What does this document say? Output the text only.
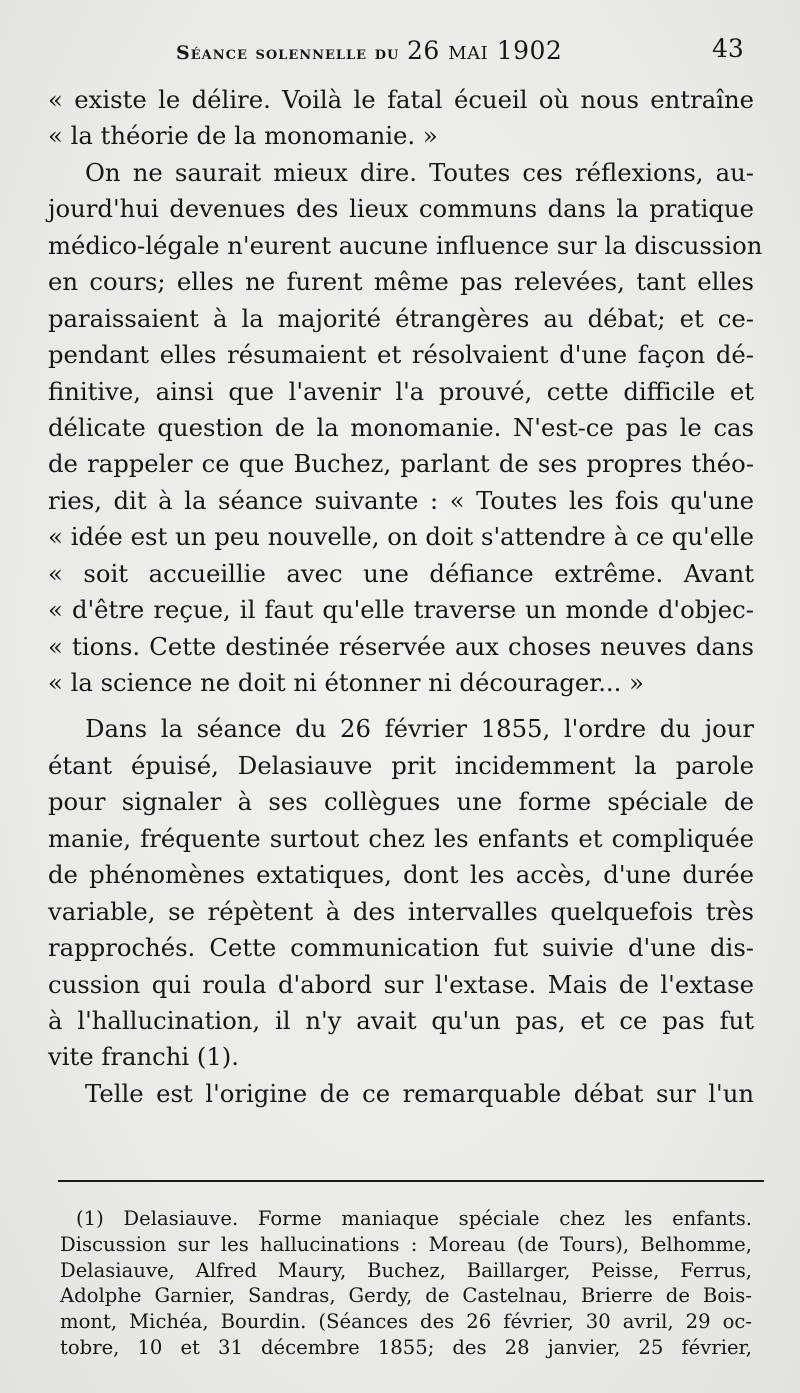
Séance solennelle du 26 mai 1902	43
« existe le délire. Voilà le fatal écueil où nous entraîne
« la théorie de la monomanie. »
On ne saurait mieux dire. Toutes ces réflexions, au-
jourd'hui devenues des lieux communs dans la pratique
médico-légale n'eurent aucune influence sur la discussion
en cours; elles ne furent même pas relevées, tant elles
paraissaient à la majorité étrangères au débat; et ce-
pendant elles résumaient et résolvaient d'une façon dé-
finitive, ainsi que l'avenir l'a prouvé, cette difficile et
délicate question de la monomanie. N'est-ce pas le cas
de rappeler ce que Buchez, parlant de ses propres théo-
ries, dit à la séance suivante : « Toutes les fois qu'une
« idée est un peu nouvelle, on doit s'attendre à ce qu'elle
« soit accueillie avec une défiance extrême. Avant
« d'être reçue, il faut qu'elle traverse un monde d'objec-
« tions. Cette destinée réservée aux choses neuves dans
« la science ne doit ni étonner ni décourager... »
Dans la séance du 26 février 1855, l'ordre du jour
étant épuisé, Delasiauve prit incidemment la parole
pour signaler à ses collègues une forme spéciale de
manie, fréquente surtout chez les enfants et compliquée
de phénomènes extatiques, dont les accès, d'une durée
variable, se répètent à des intervalles quelquefois très
rapprochés. Cette communication fut suivie d'une dis-
cussion qui roula d'abord sur l'extase. Mais de l'extase
à l'hallucination, il n'y avait qu'un pas, et ce pas fut
vite franchi (1).
Telle est l'origine de ce remarquable débat sur l'un
(1) Delasiauve. Forme maniaque spéciale chez les enfants.
Discussion sur les hallucinations : Moreau (de Tours), Belhomme,
Delasiauve, Alfred Maury, Buchez, Baillarger, Peisse, Ferrus,
Adolphe Garnier, Sandras, Gerdy, de Castelnau, Brierre de Bois-
mont, Michéa, Bourdin. (Séances des 26 février, 30 avril, 29 oc-
tobre, 10 et 31 décembre 1855; des 28 janvier, 25 février,
